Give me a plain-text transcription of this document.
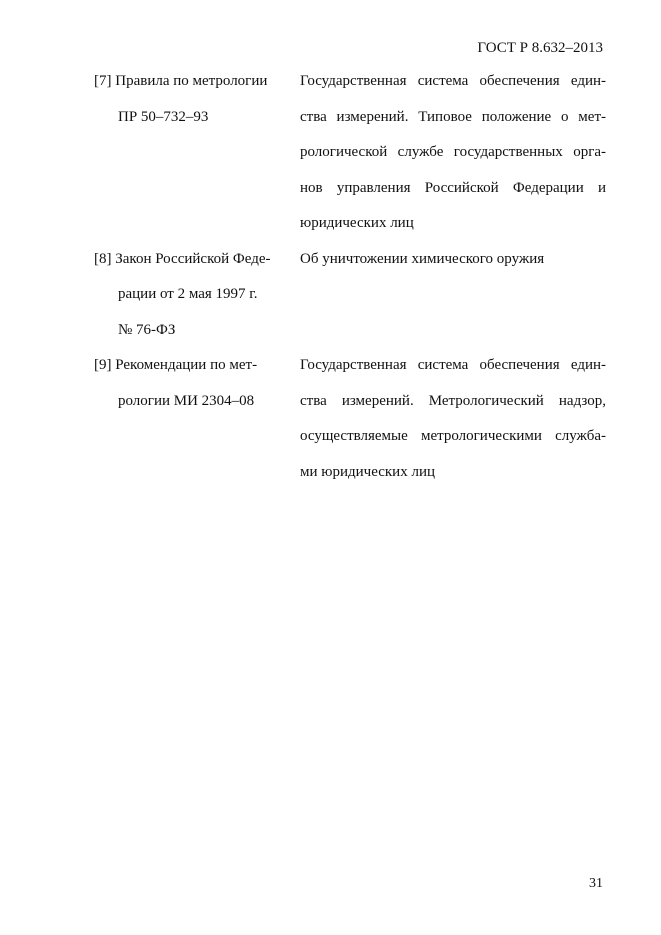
ГОСТ Р 8.632–2013
[7] Правила по метрологии
ПР 50–732–93
Государственная система обеспечения един-
ства измерений. Типовое положение о мет-
рологической службе государственных орга-
нов управления Российской Федерации и
юридических лиц
[8] Закон Российской Феде-
рации от 2 мая 1997 г.
№ 76-ФЗ
Об уничтожении химического оружия
[9] Рекомендации по мет-
рологии МИ 2304–08
Государственная система обеспечения един-
ства измерений. Метрологический надзор,
осуществляемые метрологическими служба-
ми юридических лиц
31
